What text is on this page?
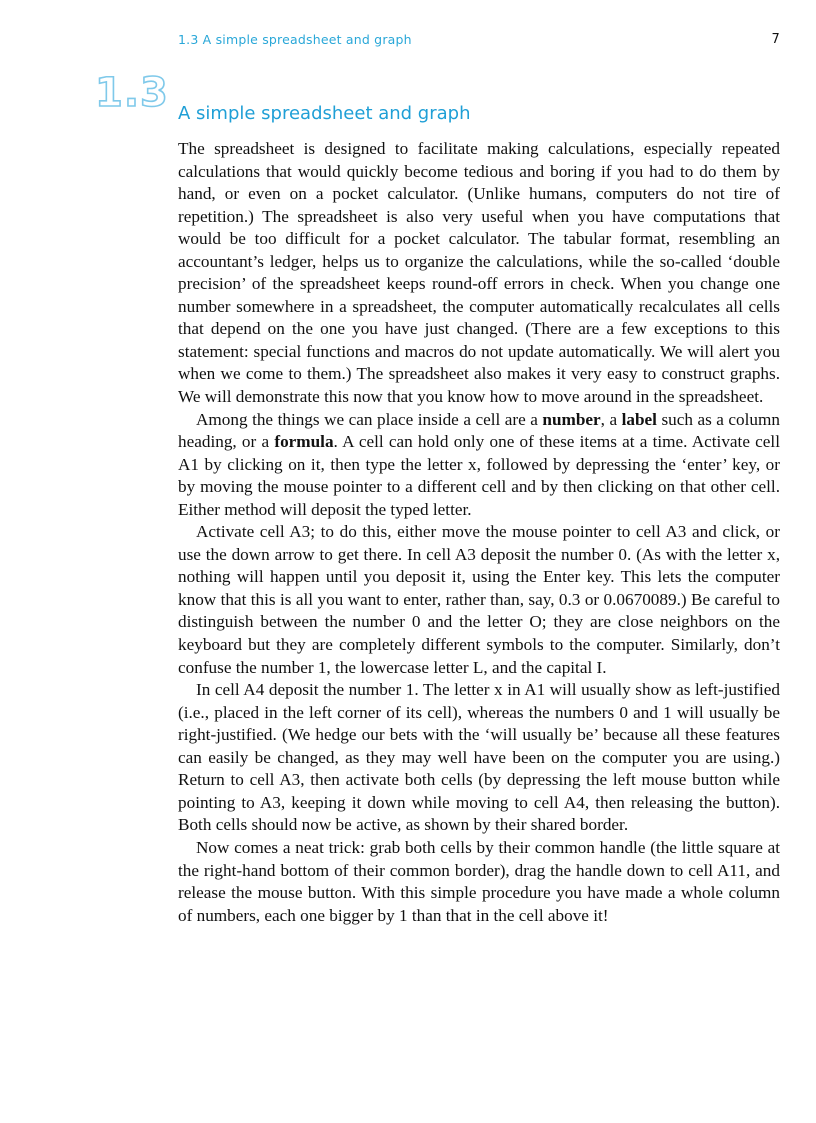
1.3 A simple spreadsheet and graph	7
1.3 A simple spreadsheet and graph

The spreadsheet is designed to facilitate making calculations, especially repeated calculations that would quickly become tedious and boring if you had to do them by hand, or even on a pocket calculator. (Unlike humans, computers do not tire of repetition.) The spreadsheet is also very useful when you have computations that would be too difficult for a pocket calculator. The tabular format, resembling an accountant’s ledger, helps us to organize the calculations, while the so-called ‘double precision’ of the spreadsheet keeps round-off errors in check. When you change one number somewhere in a spreadsheet, the computer automatically recalculates all cells that depend on the one you have just changed. (There are a few exceptions to this statement: special functions and macros do not update automatically. We will alert you when we come to them.) The spreadsheet also makes it very easy to construct graphs. We will demonstrate this now that you know how to move around in the spreadsheet.

Among the things we can place inside a cell are a number, a label such as a column heading, or a formula. A cell can hold only one of these items at a time. Activate cell A1 by clicking on it, then type the letter x, followed by depressing the ‘enter’ key, or by moving the mouse pointer to a different cell and by then clicking on that other cell. Either method will deposit the typed letter.

Activate cell A3; to do this, either move the mouse pointer to cell A3 and click, or use the down arrow to get there. In cell A3 deposit the number 0. (As with the letter x, nothing will happen until you deposit it, using the Enter key. This lets the computer know that this is all you want to enter, rather than, say, 0.3 or 0.0670089.) Be careful to distinguish between the number 0 and the letter O; they are close neighbors on the keyboard but they are completely different symbols to the computer. Similarly, don’t confuse the number 1, the lowercase letter L, and the capital I.

In cell A4 deposit the number 1. The letter x in A1 will usually show as left-justified (i.e., placed in the left corner of its cell), whereas the numbers 0 and 1 will usually be right-justified. (We hedge our bets with the ‘will usually be’ because all these features can easily be changed, as they may well have been on the computer you are using.) Return to cell A3, then activate both cells (by depressing the left mouse button while pointing to A3, keeping it down while moving to cell A4, then releasing the button). Both cells should now be active, as shown by their shared border.

Now comes a neat trick: grab both cells by their common handle (the little square at the right-hand bottom of their common border), drag the handle down to cell A11, and release the mouse button. With this simple procedure you have made a whole column of numbers, each one bigger by 1 than that in the cell above it!
